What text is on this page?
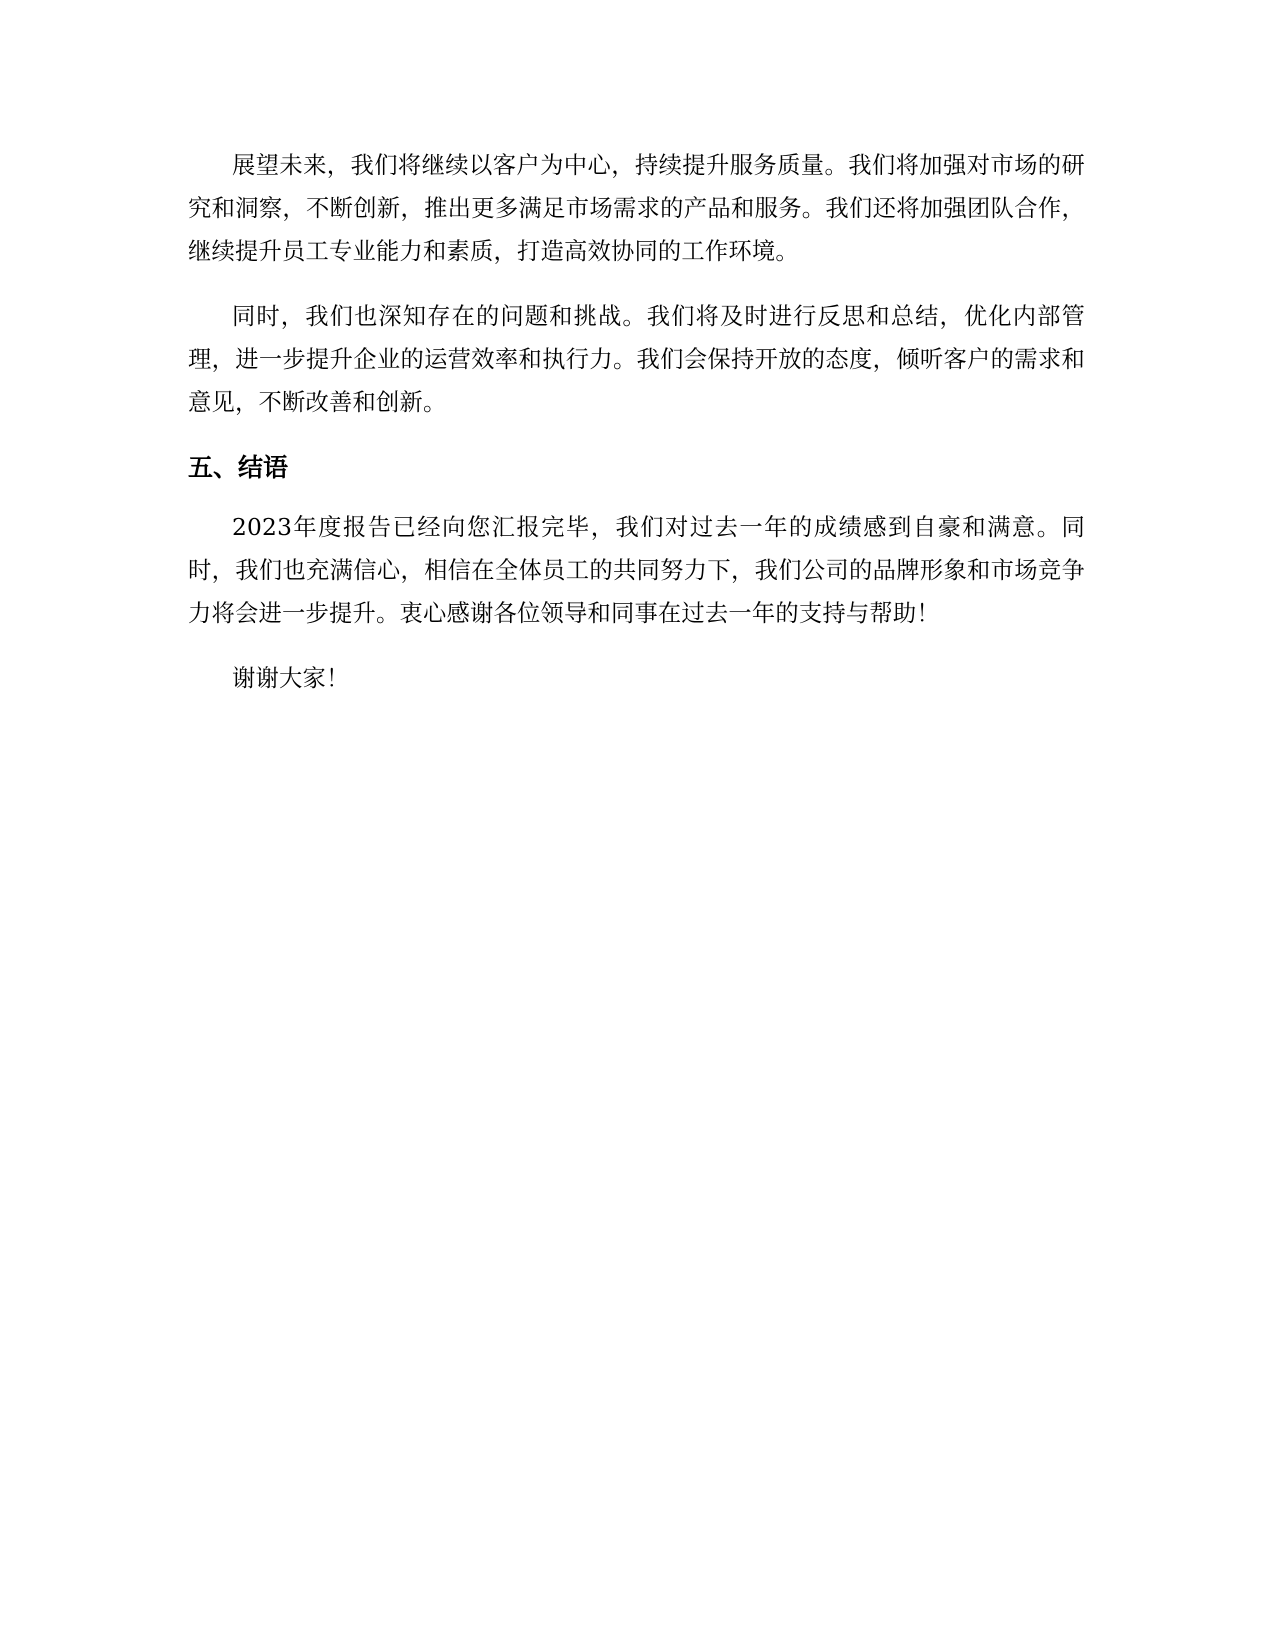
展望未来，我们将继续以客户为中心，持续提升服务质量。我们将加强对市场的研究和洞察，不断创新，推出更多满足市场需求的产品和服务。我们还将加强团队合作，继续提升员工专业能力和素质，打造高效协同的工作环境。

同时，我们也深知存在的问题和挑战。我们将及时进行反思和总结，优化内部管理，进一步提升企业的运营效率和执行力。我们会保持开放的态度，倾听客户的需求和意见，不断改善和创新。

五、结语

2023年度报告已经向您汇报完毕，我们对过去一年的成绩感到自豪和满意。同时，我们也充满信心，相信在全体员工的共同努力下，我们公司的品牌形象和市场竞争力将会进一步提升。衷心感谢各位领导和同事在过去一年的支持与帮助！

谢谢大家！
